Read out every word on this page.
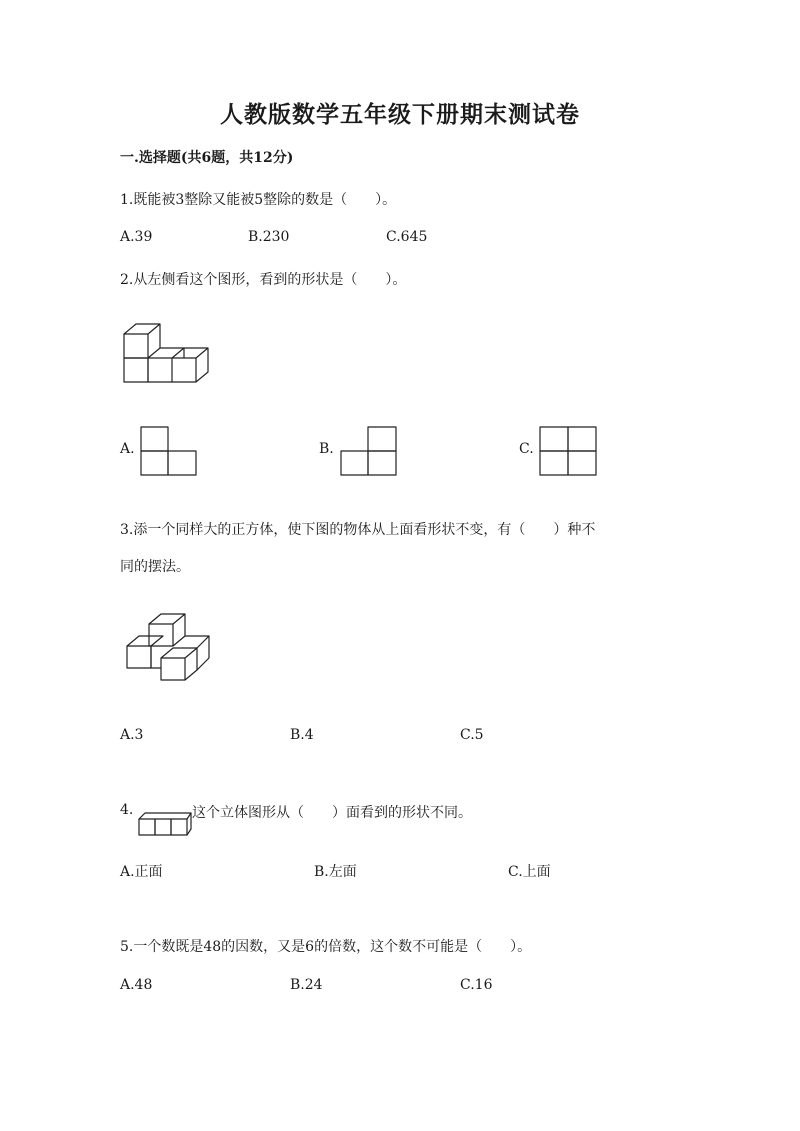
人教版数学五年级下册期末测试卷
一.选择题(共6题，共12分)
1.既能被3整除又能被5整除的数是（　　）。
A.39	B.230	C.645
2.从左侧看这个图形，看到的形状是（　　）。
A.	B.	C.
3.添一个同样大的正方体，使下图的物体从上面看形状不变，有（　　）种不
同的摆法。
A.3	B.4	C.5
4.	这个立体图形从（　　）面看到的形状不同。
A.正面	B.左面	C.上面
5.一个数既是48的因数，又是6的倍数，这个数不可能是（　　）。
A.48	B.24	C.16
